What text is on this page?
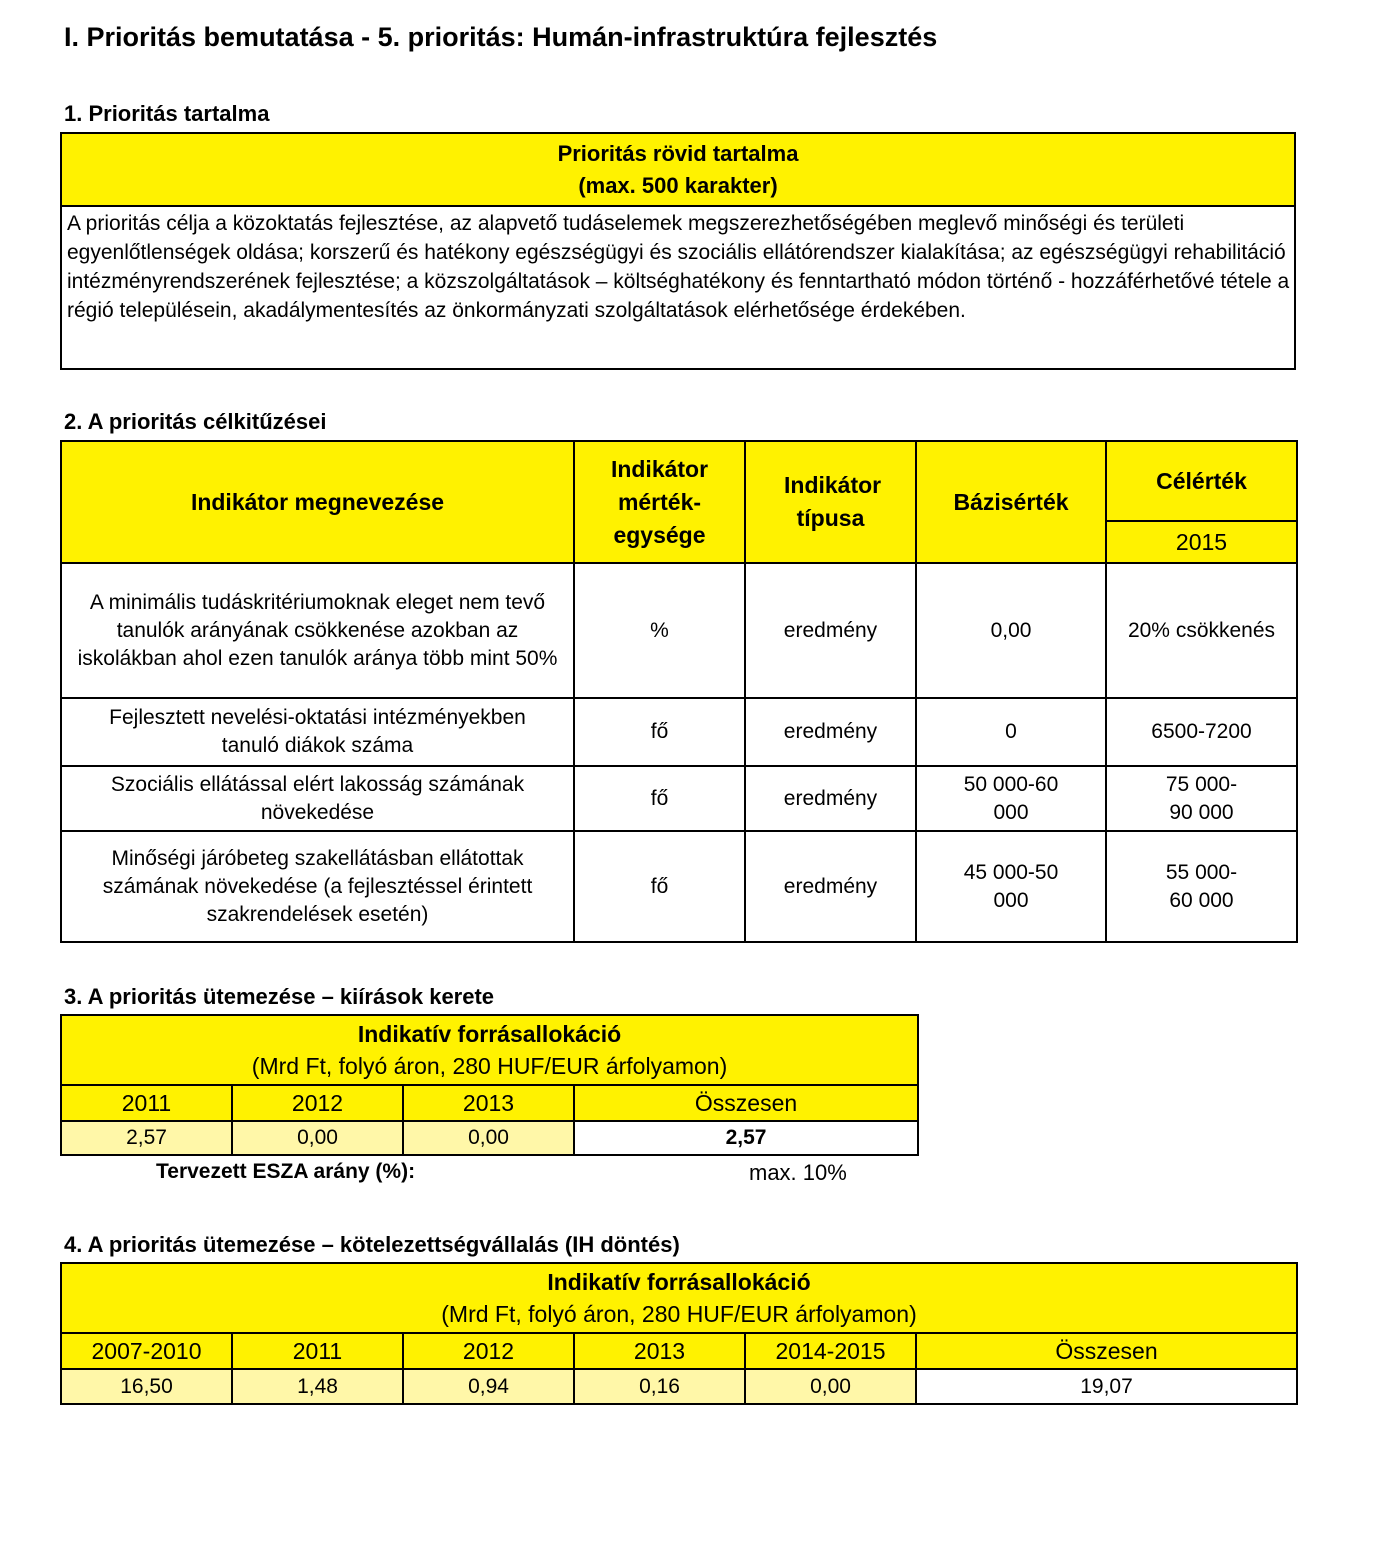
I. Prioritás bemutatása - 5. prioritás: Humán-infrastruktúra fejlesztés
1. Prioritás tartalma
Prioritás rövid tartalma
(max. 500 karakter)

A prioritás célja a közoktatás fejlesztése, az alapvető tudáselemek megszerezhetőségében meglevő minőségi és területi egyenlőtlenségek oldása; korszerű és hatékony egészségügyi és szociális ellátórendszer kialakítása; az egészségügyi rehabilitáció intézményrendszerének fejlesztése; a közszolgáltatások – költséghatékony és fenntartható módon történő - hozzáférhetővé tétele a régió településein, akadálymentesítés az önkormányzati szolgáltatások elérhetősége érdekében.
2. A prioritás célkitűzései
Indikátor megnevezése	Indikátor mérték-egysége	Indikátor típusa	Bázisérték	Célérték
				2015
A minimális tudáskritériumoknak eleget nem tevő tanulók arányának csökkenése azokban az iskolákban ahol ezen tanulók aránya több mint 50%	%	eredmény	0,00	20% csökkenés
Fejlesztett nevelési-oktatási intézményekben tanuló diákok száma	fő	eredmény	0	6500-7200
Szociális ellátással elért lakosság számának növekedése	fő	eredmény	50 000-60 000	75 000-90 000
Minőségi járóbeteg szakellátásban ellátottak számának növekedése (a fejlesztéssel érintett szakrendelések esetén)	fő	eredmény	45 000-50 000	55 000-60 000
3. A prioritás ütemezése – kiírások kerete
Indikatív forrásallokáció
(Mrd Ft, folyó áron, 280 HUF/EUR árfolyamon)			

2011	2012	2013	Összesen
2,57	0,00	0,00	2,57
Tervezett ESZA arány (%):	max. 10%
4. A prioritás ütemezése – kötelezettségvállalás (IH döntés)
Indikatív forrásallokáció
(Mrd Ft, folyó áron, 280 HUF/EUR árfolyamon)					

2007-2010	2011	2012	2013	2014-2015	Összesen
16,50	1,48	0,94	0,16	0,00	19,07
